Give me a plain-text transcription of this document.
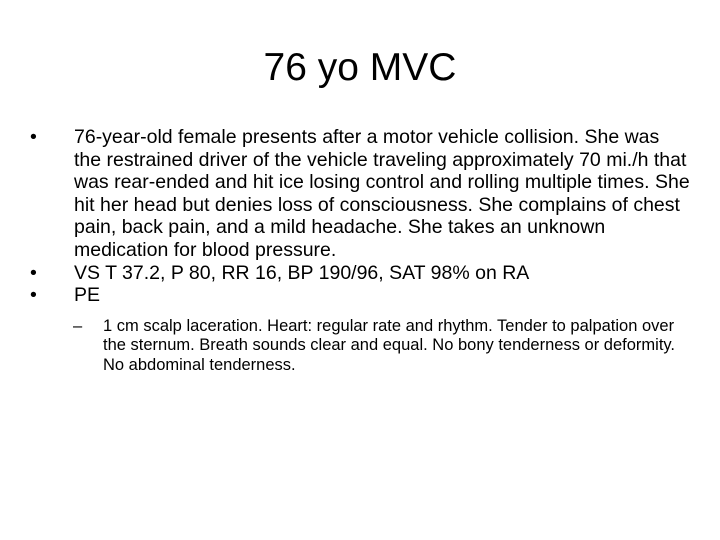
76 yo MVC
•	76-year-old female presents after a motor vehicle collision. She was the restrained driver of the vehicle traveling approximately 70 mi./h that was rear-ended and hit ice losing control and rolling multiple times. She hit her head but denies loss of consciousness. She complains of chest pain, back pain, and a mild headache. She takes an unknown medication for blood pressure.
•	VS T 37.2, P 80, RR 16, BP 190/96, SAT 98% on RA
•	PE
–	1 cm scalp laceration. Heart: regular rate and rhythm. Tender to palpation over the sternum. Breath sounds clear and equal. No bony tenderness or deformity. No abdominal tenderness.
